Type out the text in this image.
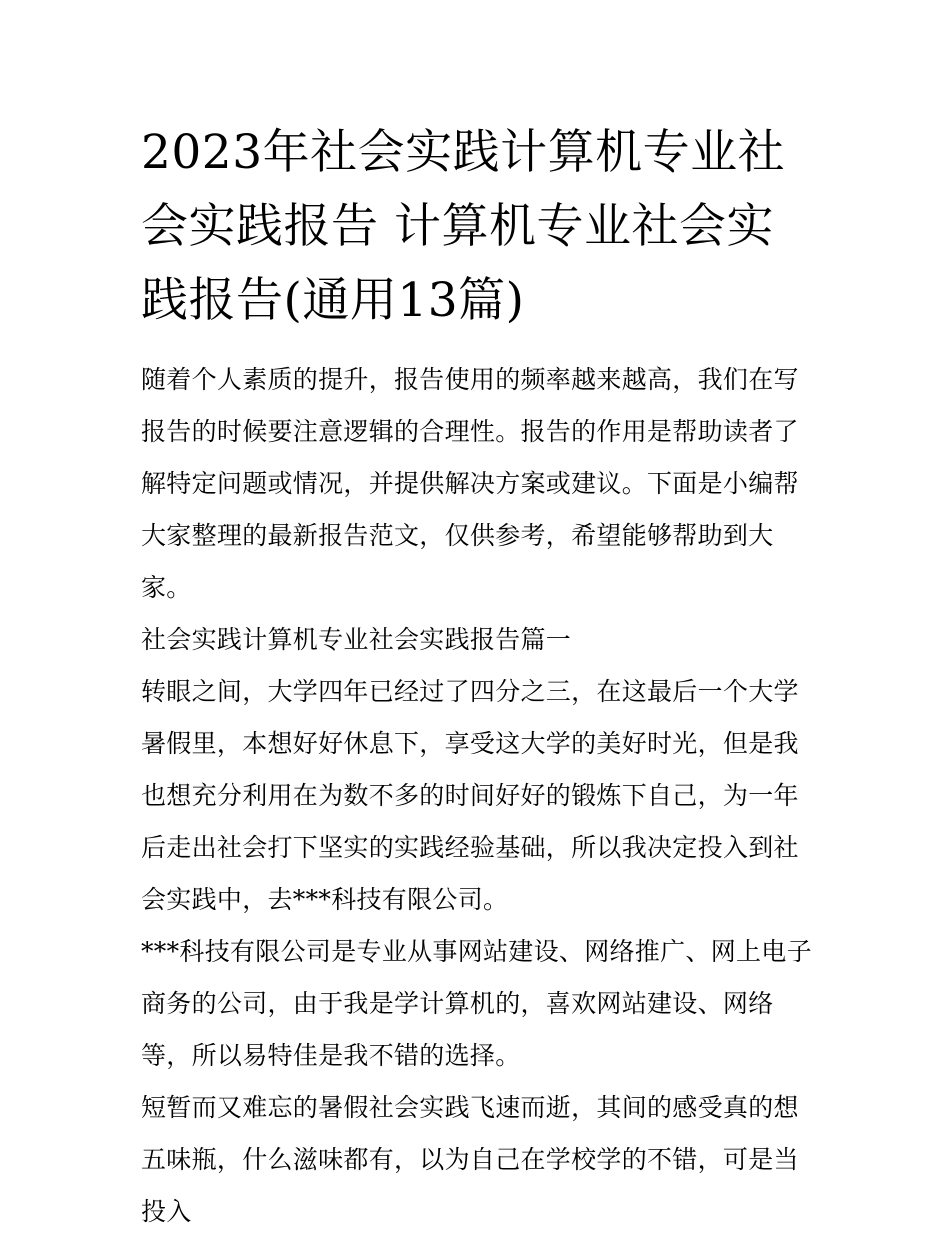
2023年社会实践计算机专业社会实践报告 计算机专业社会实践报告(通用13篇)

随着个人素质的提升，报告使用的频率越来越高，我们在写报告的时候要注意逻辑的合理性。报告的作用是帮助读者了解特定问题或情况，并提供解决方案或建议。下面是小编帮大家整理的最新报告范文，仅供参考，希望能够帮助到大家。

社会实践计算机专业社会实践报告篇一

转眼之间，大学四年已经过了四分之三，在这最后一个大学暑假里，本想好好休息下，享受这大学的美好时光，但是我也想充分利用在为数不多的时间好好的锻炼下自己，为一年后走出社会打下坚实的实践经验基础，所以我决定投入到社会实践中，去***科技有限公司。

***科技有限公司是专业从事网站建设、网络推广、网上电子商务的公司，由于我是学计算机的，喜欢网站建设、网络等，所以易特佳是我不错的选择。

短暂而又难忘的暑假社会实践飞速而逝，其间的感受真的想五味瓶，什么滋味都有，以为自己在学校学的不错，可是当投入
